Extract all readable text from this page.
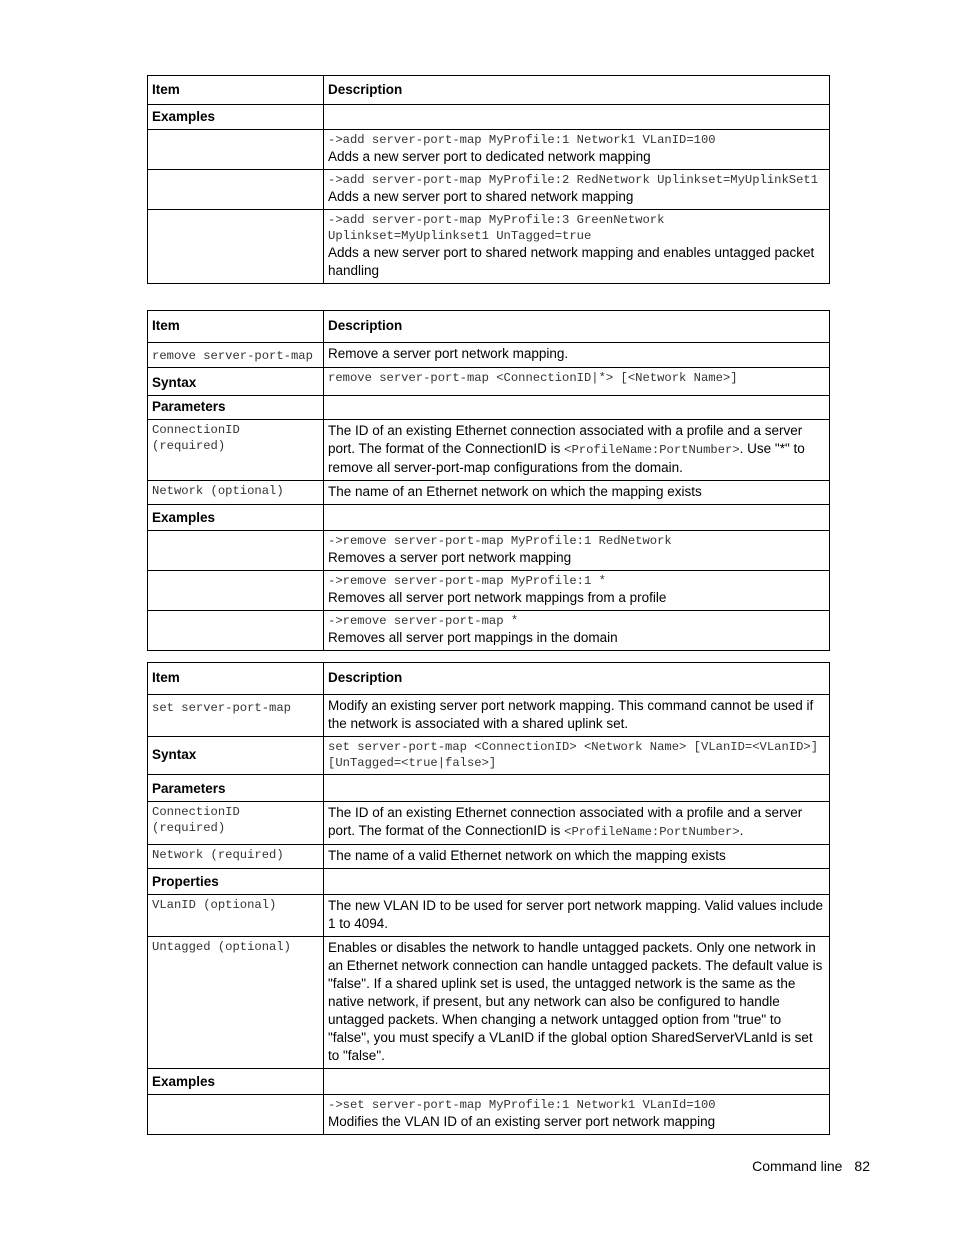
Item	Description
Examples	

	->add server-port-map MyProfile:1 Network1 VLanID=100
Adds a new server port to dedicated network mapping

	->add server-port-map MyProfile:2 RedNetwork Uplinkset=MyUplinkSet1
Adds a new server port to shared network mapping

	->add server-port-map MyProfile:3 GreenNetwork Uplinkset=MyUplinkset1 UnTagged=true
Adds a new server port to shared network mapping and enables untagged packet handling
Item	Description

remove server-port-map	Remove a server port network mapping.
Syntax	remove server-port-map <ConnectionID|*> [<Network Name>]

Parameters	

ConnectionID (required)	The ID of an existing Ethernet connection associated with a profile and a server port. The format of the ConnectionID is <ProfileName:PortNumber>. Use "*" to remove all server-port-map configurations from the domain.

Network (optional)	The name of an Ethernet network on which the mapping exists
Examples	

	->remove server-port-map MyProfile:1 RedNetwork
Removes a server port network mapping

	->remove server-port-map MyProfile:1 *
Removes all server port network mappings from a profile

	->remove server-port-map *
Removes all server port mappings in the domain
Item	Description

set server-port-map	Modify an existing server port network mapping. This command cannot be used if the network is associated with a shared uplink set.
Syntax	set server-port-map <ConnectionID> <Network Name> [VLanID=<VLanID>] [UnTagged=<true|false>]

Parameters	

ConnectionID (required)	The ID of an existing Ethernet connection associated with a profile and a server port. The format of the ConnectionID is <ProfileName:PortNumber>.

Network (required)	The name of a valid Ethernet network on which the mapping exists
Properties	

VLanID (optional)	The new VLAN ID to be used for server port network mapping. Valid values include 1 to 4094.

Untagged (optional)	Enables or disables the network to handle untagged packets. Only one network in an Ethernet network connection can handle untagged packets. The default value is "false". If a shared uplink set is used, the untagged network is the same as the native network, if present, but any network can also be configured to handle untagged packets. When changing a network untagged option from "true" to "false", you must specify a VLanID if the global option SharedServerVLanId is set to "false".
Examples	

	->set server-port-map MyProfile:1 Network1 VLanId=100
Modifies the VLAN ID of an existing server port network mapping
Command line 82
